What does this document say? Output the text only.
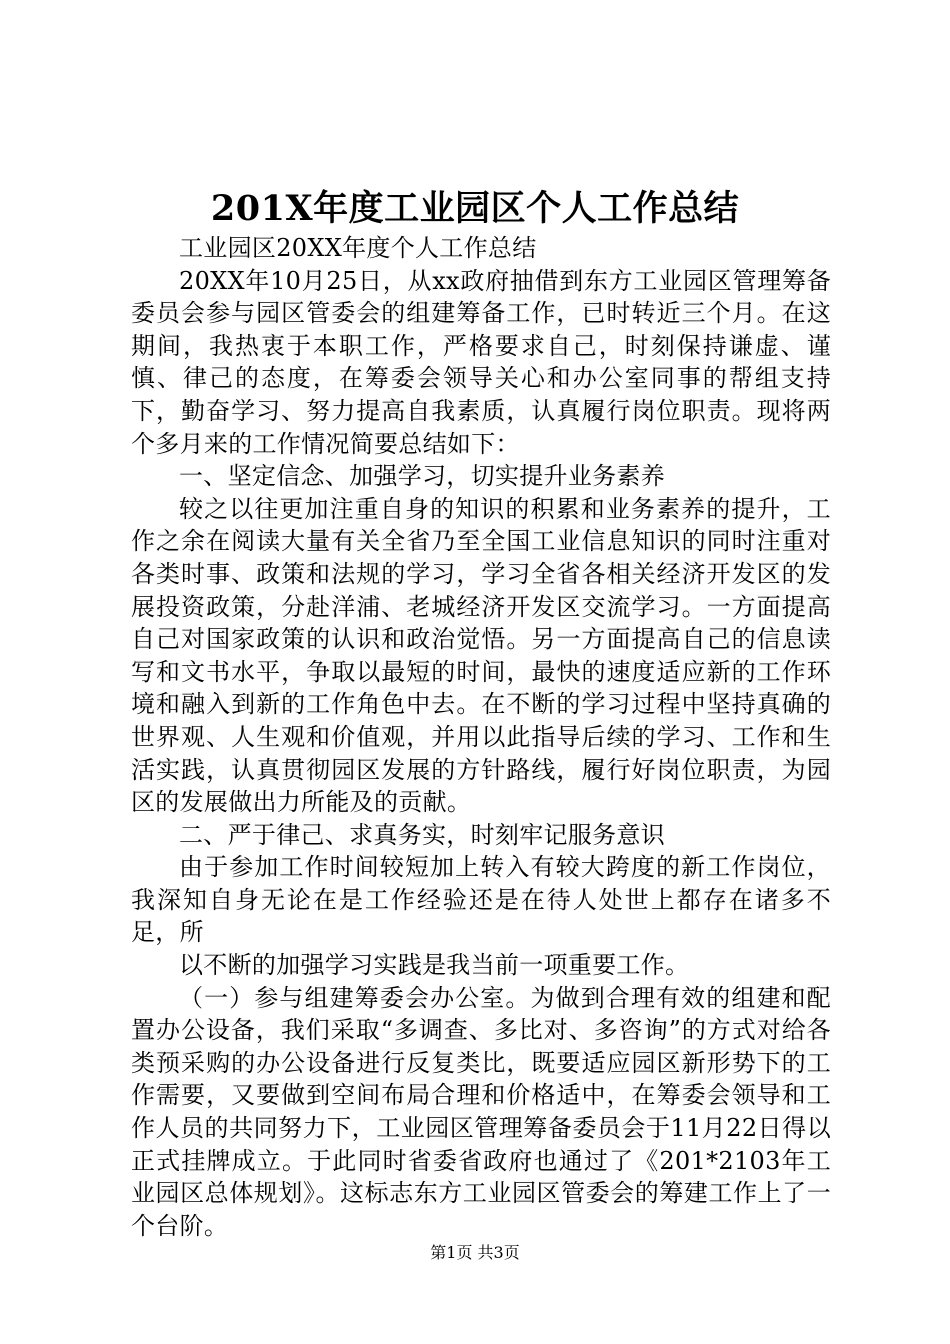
201X年度工业园区个人工作总结

工业园区20XX年度个人工作总结

20XX年10月25日，从xx政府抽借到东方工业园区管理筹备委员会参与园区管委会的组建筹备工作，已时转近三个月。在这期间，我热衷于本职工作，严格要求自己，时刻保持谦虚、谨慎、律己的态度，在筹委会领导关心和办公室同事的帮组支持下，勤奋学习、努力提高自我素质，认真履行岗位职责。现将两个多月来的工作情况简要总结如下：

一、坚定信念、加强学习，切实提升业务素养

较之以往更加注重自身的知识的积累和业务素养的提升，工作之余在阅读大量有关全省乃至全国工业信息知识的同时注重对各类时事、政策和法规的学习，学习全省各相关经济开发区的发展投资政策，分赴洋浦、老城经济开发区交流学习。一方面提高自己对国家政策的认识和政治觉悟。另一方面提高自己的信息读写和文书水平，争取以最短的时间，最快的速度适应新的工作环境和融入到新的工作角色中去。在不断的学习过程中坚持真确的世界观、人生观和价值观，并用以此指导后续的学习、工作和生活实践，认真贯彻园区发展的方针路线，履行好岗位职责，为园区的发展做出力所能及的贡献。

二、严于律己、求真务实，时刻牢记服务意识

由于参加工作时间较短加上转入有较大跨度的新工作岗位，我深知自身无论在是工作经验还是在待人处世上都存在诸多不足，所

以不断的加强学习实践是我当前一项重要工作。

（一）参与组建筹委会办公室。为做到合理有效的组建和配置办公设备，我们采取“多调查、多比对、多咨询”的方式对给各类预采购的办公设备进行反复类比，既要适应园区新形势下的工作需要，又要做到空间布局合理和价格适中，在筹委会领导和工作人员的共同努力下，工业园区管理筹备委员会于11月22日得以正式挂牌成立。于此同时省委省政府也通过了《201*2103年工业园区总体规划》。这标志东方工业园区管委会的筹建工作上了一个台阶。

第1页 共3页
